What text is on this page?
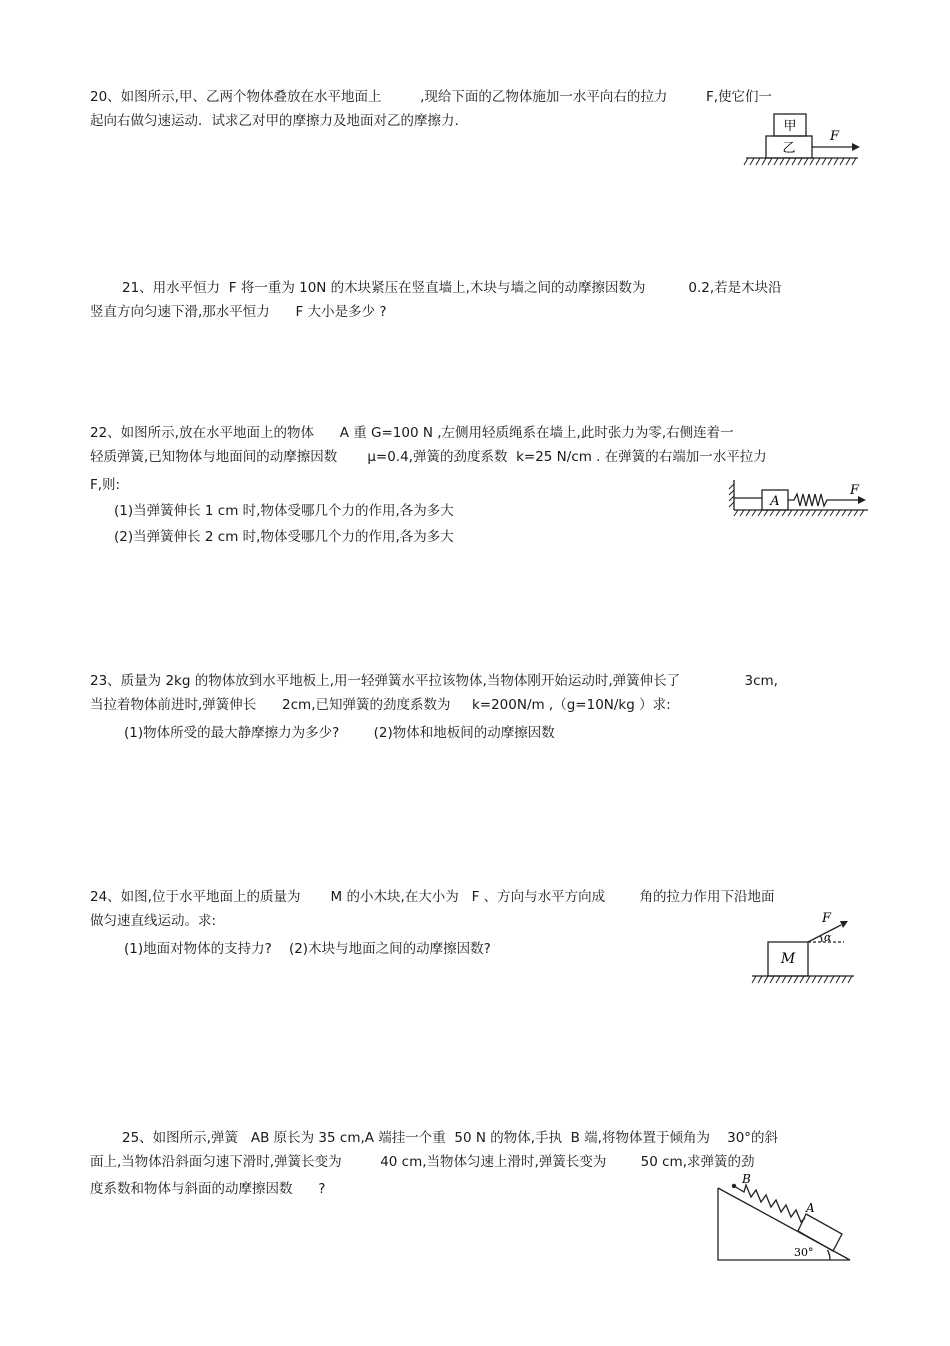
20、如图所示,甲、乙两个物体叠放在水平地面上         ,现给下面的乙物体施加一水平向右的拉力         F,使它们一
起向右做匀速运动．试求乙对甲的摩擦力及地面对乙的摩擦力.	甲
乙
F
21、用水平恒力  F 将一重为 10N 的木块紧压在竖直墙上,木块与墙之间的动摩擦因数为          0.2,若是木块沿
竖直方向匀速下滑,那水平恒力      F 大小是多少 ?
22、如图所示,放在水平地面上的物体      A 重 G=100 N ,左侧用轻质绳系在墙上,此时张力为零,右侧连着一
轻质弹簧,已知物体与地面间的动摩擦因数       μ=0.4,弹簧的劲度系数  k=25 N/cm . 在弹簧的右端加一水平拉力
F,则:
(1)当弹簧伸长 1 cm 时,物体受哪几个力的作用,各为多大
(2)当弹簧伸长 2 cm 时,物体受哪几个力的作用,各为多大
A
F
23、质量为 2kg 的物体放到水平地板上,用一轻弹簧水平拉该物体,当物体刚开始运动时,弹簧伸长了               3cm,
当拉着物体前进时,弹簧伸长      2cm,已知弹簧的劲度系数为     k=200N/m ,（g=10N/kg ）求:
(1)物体所受的最大静摩擦力为多少?        (2)物体和地板间的动摩擦因数
24、如图,位于水平地面上的质量为       M 的小木块,在大小为   F 、方向与水平方向成        角的拉力作用下沿地面
做匀速直线运动。求:
(1)地面对物体的支持力?    (2)木块与地面之间的动摩擦因数?
M
F
α
25、如图所示,弹簧   AB 原长为 35 cm,A 端挂一个重  50 N 的物体,手执  B 端,将物体置于倾角为    30°的斜
面上,当物体沿斜面匀速下滑时,弹簧长变为         40 cm,当物体匀速上滑时,弹簧长变为        50 cm,求弹簧的劲
度系数和物体与斜面的动摩擦因数      ?
B
A
30°
